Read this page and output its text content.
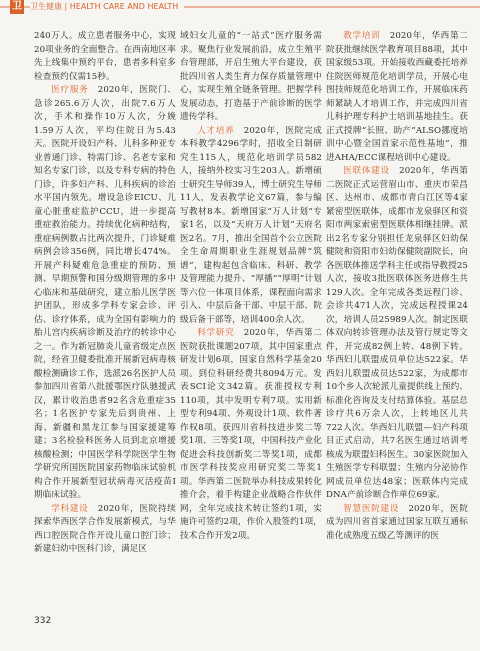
卫 卫生健康 | HEALTH CARE AND HEALTH

240万人。成立患者服务中心，实现20项业务的全面整合。在西南地区率先上线集中预约平台，患者多科室多检查预约仅需15秒。

医疗服务　 2020年，医院门、急诊265.6万人次，出院7.6万人次，手术和操作10万人次，分娩1.59万人次，平均住院日为5.43天。医院开设妇产科、儿科多种亚专业普通门诊、特需门诊、名老专家和知名专家门诊，以及专科专病的特色门诊，许多妇产科、儿科疾病的诊治水平国内领先。增设急诊EICU、儿童心脏重症监护CCU，进一步提高重症救治能力。持续优化病种结构，重症病例数占比两次提升，门诊疑难病例会诊356例，同比增长474%。开展产科疑难危急重症的预防、预测、早期预警和国分级期管理的多中心临床和基础研究，建立胎儿医学医护团队，形成多学科专家会诊、评估、诊疗体系，成为全国有影响力的胎儿宫内疾病诊断及治疗的转诊中心之一。作为新冠肺炎儿童省级定点医院，经省卫健委批准开展新冠病毒核酸检测确诊工作，选派26名医护人员参加四川省第八批援鄂医疗队驰援武汉，累计收治患者92名含危重症35名；1名医护专家先后到贵州、上海、新疆和黑龙江参与国家援建筹建；3名检验科医务人员到北京增援核酸检测；中国医学科学院医学生物学研究所国医院国家药物临床试验机构合作开展新型冠状病毒灭活疫苗I期临床试验。

学科建设　 2020年，医院持续探索华西医学合作发展新模式，与华西口腔医院合作开设儿童口腔门诊；新建妇幼中医科门诊，满足区

域妇女儿童的“一站式”医疗服务需求。聚焦行业发展前沿，成立生殖平台管理部，开启生殖大平台建设，获批四川省人类生育力保存质量管理中心，实现生殖全链条管理。把握学科发展动态，打造基于产前诊断的医学遗传学科。

人才培养　 2020年，医院完成本科教学4296学时，招收全日制研究生115人，规范化培训学员582人，接纳外校实习生203人。新增硕士研究生导师39人，博士研究生导师11人，发表教学论文67篇，参与编写教材8本。新增国家“万人计划”专家1名，以及“天府万人计划”天府名医2名。7月，推出全国首个公立医院全生命周期职业生涯规划品牌“筑谱”，建构起包含临床、科研、教学及管理能力提升、“厚播”“厚明”计划等六位一体项目体系，课程面向需求引入、中层后备干部、中层干部、院级后备干部等，培训400余人次。

科学研究　 2020年，华西第二医院获批课题207项，其中国家重点研发计划6项，国家自然科学基金20项。到位科研经费共8094万元。发表SCI论文342篇。获准授权专利110项，其中发明专利7项。实用新型专利94项、外观设计1项、软件著作权8项。获四川省科技进步奖二等奖1项、三等奖1项，中国科技产业化促进会科技创新奖二等奖1项，成都市医学科技奖应用研究奖二等奖1项。华西第二医院举办科技成果转化推介会，着手构建企业战略合作伙伴网，全年完成技术转让签约1项，实施许可签约2项，作价入股签约1项，技术合作开发2项。

教学培训　 2020年，华西第二院获批继续医学教育项目88项，其中国家级53项。开始接收西藏委托培养住院医师规范化培训学员，开展心电图技师规范化培训工作，开展临床药师紧缺人才培训工作，并完成四川省儿科护理专科护士培训基地挂生。获正式授牌“长照、助产”ALSO挪度培训中心暨全国首家示范性基地”，推进AHA/ECC课程培训中心建设。

医联体建设　 2020年，华西第二医院正式运营眉山市、重庆市荣昌区、达州市、成都市青白江区等4家紧密型医联体，成都市龙泉驿区和资阳市两家索密型医联体相继挂牌。派出2名专家分别担任龙泉驿区妇幼保健院和资阳市妇幼保健院副院长，向各医联体推送学科主任或指导教授25人次，接收3批医联体医务进修生共129人次。全年完成各类远程门诊、会诊共471人次，完成远程授课24次，培训人员25989人次。制定医联体双向转诊管理办法及管行规定等文件，开完成82例上转、48例下转。华西妇儿联盟成员单位达522家。华西妇儿联盟成员达522家，为成都市10个乡人次轮派儿童提供线上预约、标准化咨询及支付结算体验。基层总诊疗共6万余人次，上转地区儿共722人次。华西妇儿联盟—妇产科项目正式启动，共7名医生通过培训考核成为联盟妇科医生。30家医院加入生殖医学专科联盟；生殖内分泌协作网成员单位达48家；医联体内完成DNA产前诊断合作单位69家。

智慧医院建设　 2020年，医院成为四川省首家通过国家互联互通标准化成熟度五级乙等测评的医

332
